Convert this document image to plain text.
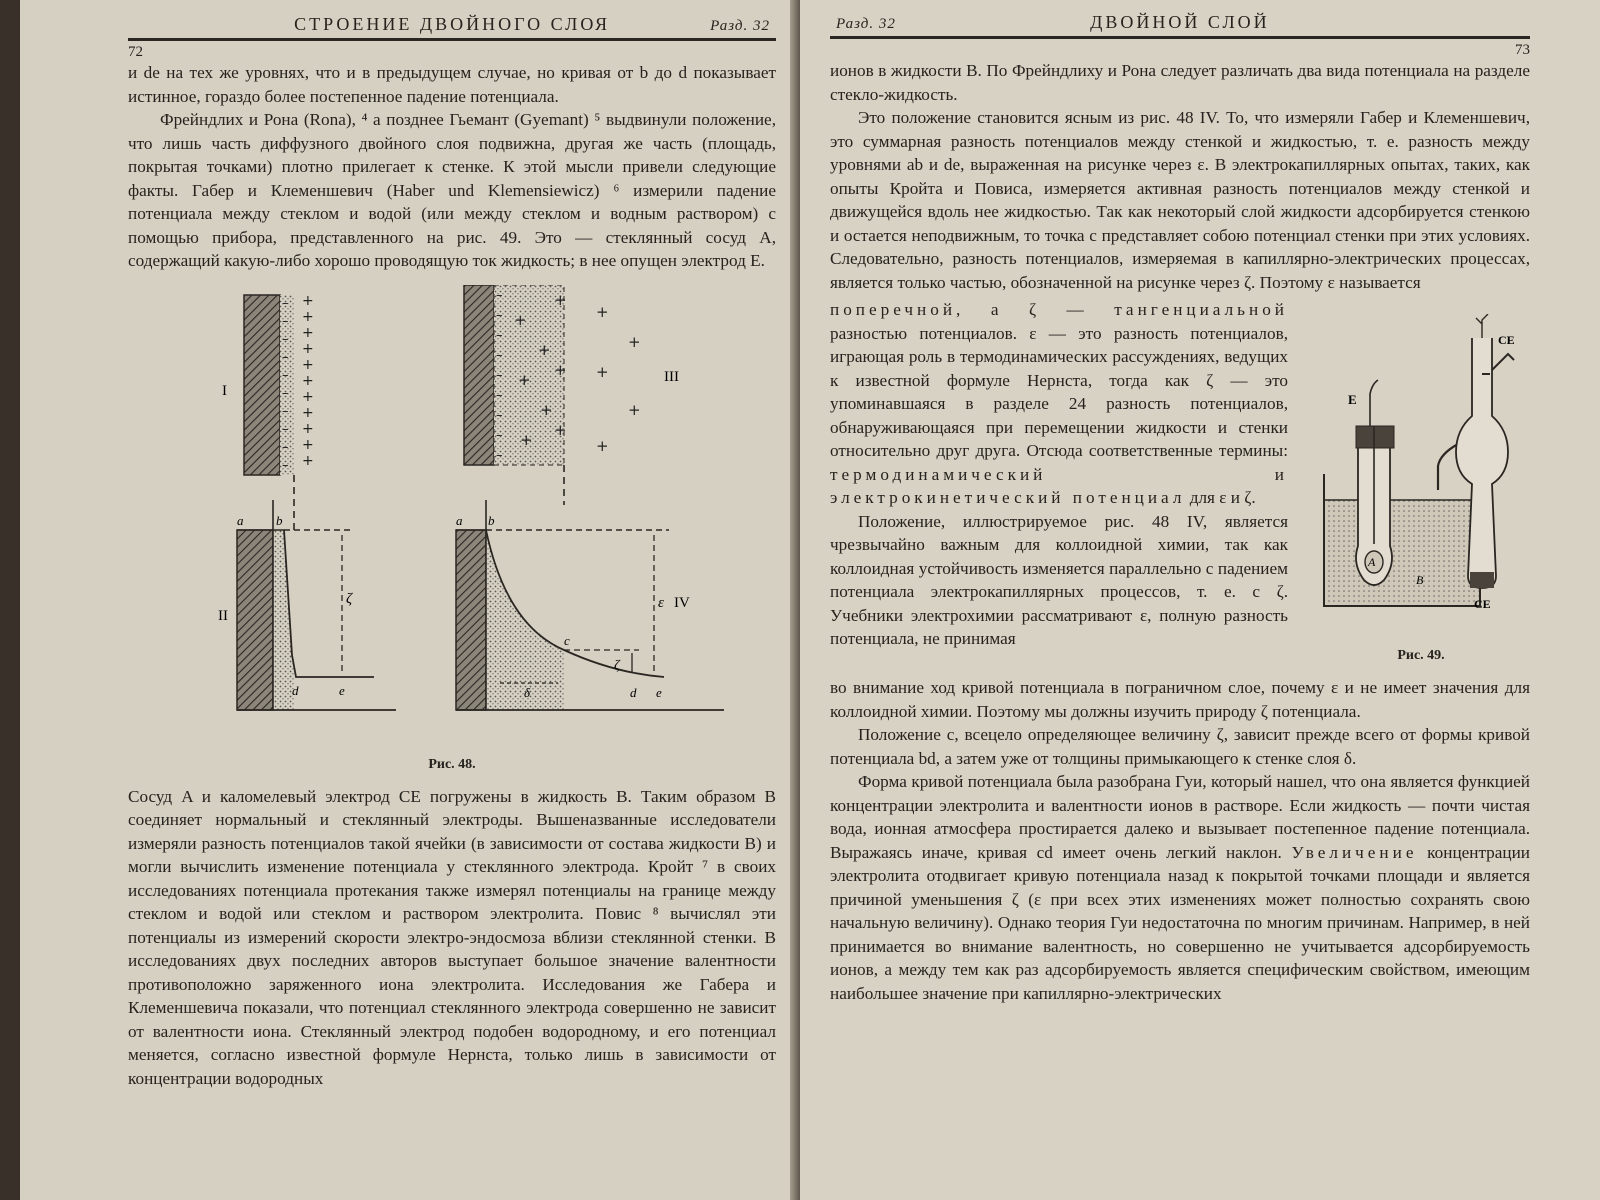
СТРОЕНИЕ ДВОЙНОГО СЛОЯ	Разд. 32
72

и de на тех же уровнях, что и в предыдущем случае, но кривая от b до d показывает истинное, гораздо более постепенное падение потенциала.

Фрейндлих и Рона (Rona), ⁴ а позднее Гьемант (Gyemant) ⁵ выдвинули положение, что лишь часть диффузного двойного слоя подвижна, другая же часть (площадь, покрытая точками) плотно прилегает к стенке. К этой мысли привели следующие факты. Габер и Клеменшевич (Haber und Klemensiewicz) ⁶ измерили падение потенциала между стеклом и водой (или между стеклом и водным раствором) с помощью прибора, представленного на рис. 49. Это — стеклянный сосуд A, содержащий какую-либо хорошо проводящую ток жидкость; в нее опущен электрод E.

–
–
–
–
–
–
–
–
–
–
+
+
+
+
+
+
+
+
+
+
+
I
–
–
–
–
–
–
–
–
–
+
+
+
+
+
+
+
+
+
+
+
+
+
III
II
a	b
ζ
d	e
IV
a b
c
ε
ζ
δ	d e
Рис. 48.

Сосуд A и каломелевый электрод CE погружены в жидкость B. Таким образом B соединяет нормальный и стеклянный электроды. Вышеназванные исследователи измеряли разность потенциалов такой ячейки (в зависимости от состава жидкости B) и могли вычислить изменение потенциала у стеклянного электрода. Кройт ⁷ в своих исследованиях потенциала протекания также измерял потенциалы на границе между стеклом и водой или стеклом и раствором электролита. Повис ⁸ вычислял эти потенциалы из измерений скорости электро-эндосмоза вблизи стеклянной стенки. В исследованиях двух последних авторов выступает большое значение валентности противоположно заряженного иона электролита. Исследования же Габера и Клеменшевича показали, что потенциал стеклянного электрода совершенно не зависит от валентности иона. Стеклянный электрод подобен водородному, и его потенциал меняется, согласно известной формуле Нернста, только лишь в зависимости от концентрации водородных

Разд. 32	ДВОЙНОЙ СЛОЙ
73

ионов в жидкости B. По Фрейндлиху и Рона следует различать два вида потенциала на разделе стекло-жидкость.

Это положение становится ясным из рис. 48 IV. То, что измеряли Габер и Клеменшевич, это суммарная разность потенциалов между стенкой и жидкостью, т. е. разность между уровнями ab и de, выраженная на рисунке через ε. В электрокапиллярных опытах, таких, как опыты Кройта и Повиса, измеряется активная разность потенциалов между стенкой и движущейся вдоль нее жидкостью. Так как некоторый слой жидкости адсорбируется стенкою и остается неподвижным, то точка c представляет собою потенциал стенки при этих условиях. Следовательно, разность потенциалов, измеряемая в капиллярно-электрических процессах, является только частью, обозначенной на рисунке через ζ. Поэтому ε называется

поперечной, а ζ — тангенциальной разностью потенциалов. ε — это разность потенциалов, играющая роль в термодинамических рассуждениях, ведущих к известной формуле Нернста, тогда как ζ — это упоминавшаяся в разделе 24 разность потенциалов, обнаруживающаяся при перемещении жидкости и стенки относительно друг друга. Отсюда соответственные термины: термодинамический и электрокинетический потенциал для ε и ζ.

Положение, иллюстрируемое рис. 48 IV, является чрезвычайно важным для коллоидной химии, так как коллоидная устойчивость изменяется параллельно с падением потенциала электрокапиллярных процессов, т. е. с ζ. Учебники электрохимии рассматривают ε, полную разность потенциала, не принимая

E
A
B
CE
CE
Рис. 49.

во внимание ход кривой потенциала в пограничном слое, почему ε и не имеет значения для коллоидной химии. Поэтому мы должны изучить природу ζ потенциала.

Положение c, всецело определяющее величину ζ, зависит прежде всего от формы кривой потенциала bd, а затем уже от толщины примыкающего к стенке слоя δ.

Форма кривой потенциала была разобрана Гуи, который нашел, что она является функцией концентрации электролита и валентности ионов в растворе. Если жидкость — почти чистая вода, ионная атмосфера простирается далеко и вызывает постепенное падение потенциала. Выражаясь иначе, кривая cd имеет очень легкий наклон. Увеличение концентрации электролита отодвигает кривую потенциала назад к покрытой точками площади и является причиной уменьшения ζ (ε при всех этих изменениях может полностью сохранять свою начальную величину). Однако теория Гуи недостаточна по многим причинам. Например, в ней принимается во внимание валентность, но совершенно не учитывается адсорбируемость ионов, а между тем как раз адсорбируемость является специфическим свойством, имеющим наибольшее значение при капиллярно-электрических
